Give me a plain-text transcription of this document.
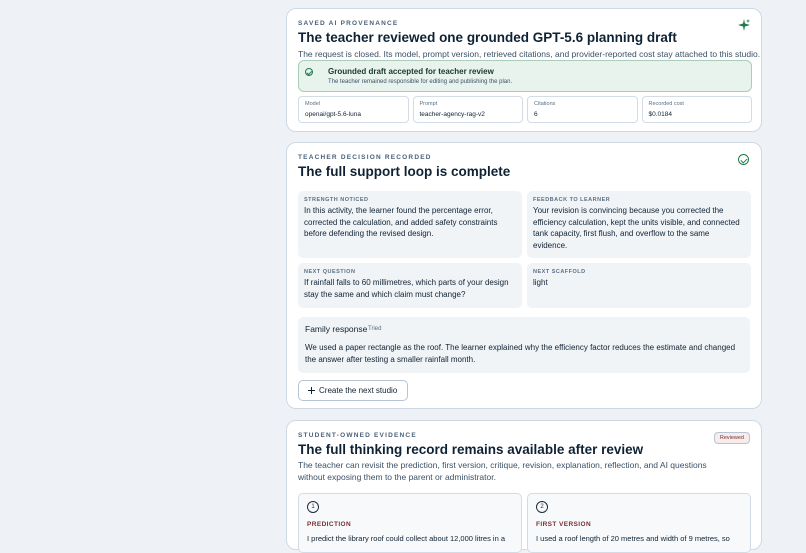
SAVED AI PROVENANCE
The teacher reviewed one grounded GPT-5.6 planning draft

The request is closed. Its model, prompt version, retrieved citations, and provider-reported cost stay attached to this studio.

Grounded draft accepted for teacher review
The teacher remained responsible for editing and publishing the plan.
Model
openai/gpt-5.6-luna
Prompt
teacher-agency-rag-v2
Citations
6
Recorded cost
$0.0184
TEACHER DECISION RECORDED
The full support loop is complete
STRENGTH NOTICED
In this activity, the learner found the percentage error, corrected the calculation, and added safety constraints before defending the revised design.
FEEDBACK TO LEARNER
Your revision is convincing because you corrected the efficiency calculation, kept the units visible, and connected tank capacity, first flush, and overflow to the same evidence.
NEXT QUESTION
If rainfall falls to 60 millimetres, which parts of your design stay the same and which claim must change?
NEXT SCAFFOLD
light
Family response Tried
We used a paper rectangle as the roof. The learner explained why the efficiency factor reduces the estimate and changed the answer after testing a smaller rainfall month.
Create the next studio
STUDENT-OWNED EVIDENCE	Reviewed
The full thinking record remains available after review

The teacher can revisit the prediction, first version, critique, revision, explanation, reflection, and AI questions without exposing them to the parent or administrator.

1
PREDICTION
I predict the library roof could collect about 12,000 litres in a
2
FIRST VERSION
I used a roof length of 20 metres and width of 9 metres, so
